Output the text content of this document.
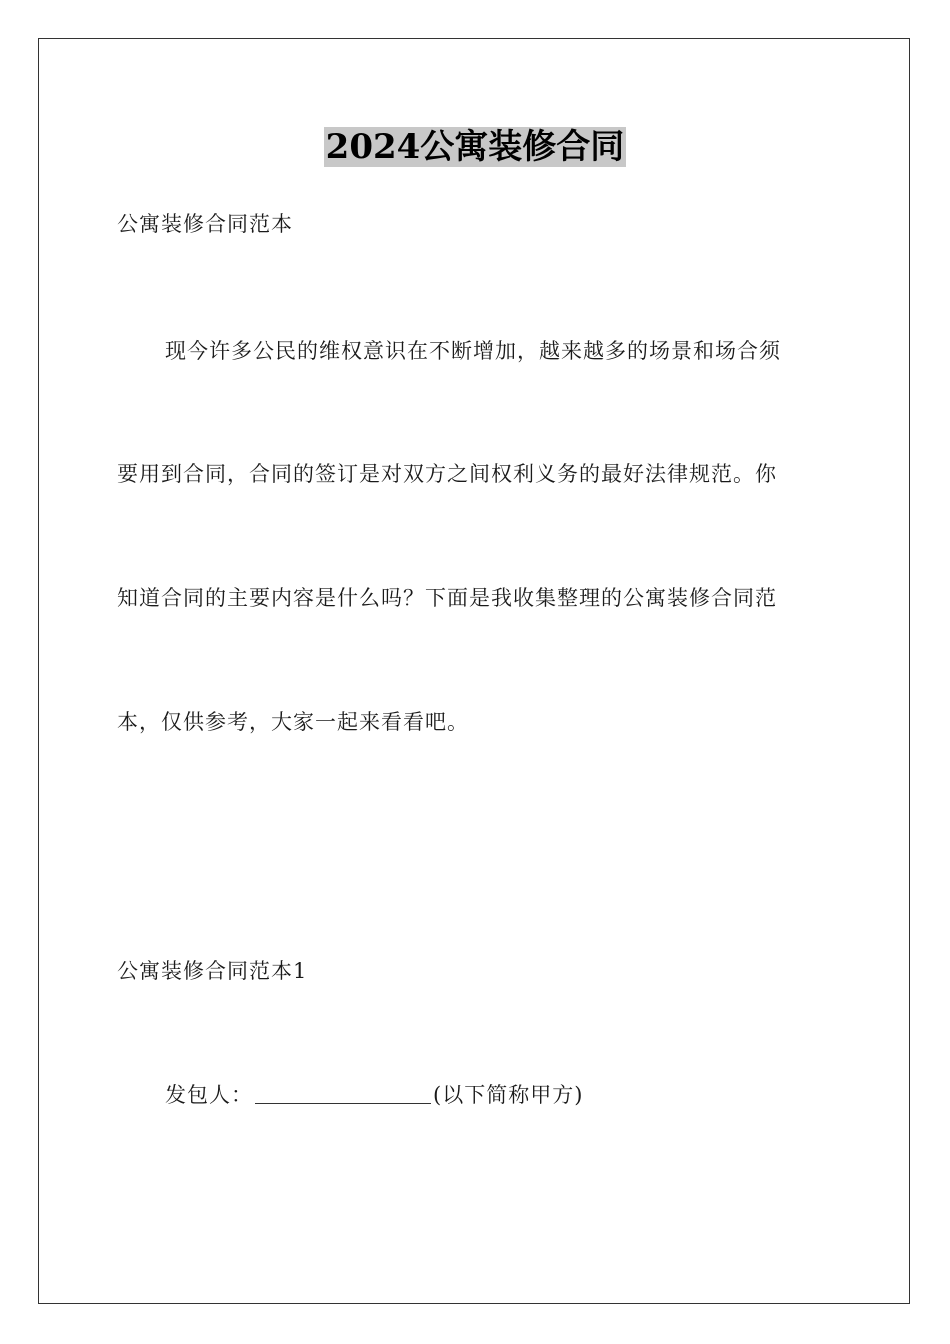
2024公寓装修合同
公寓装修合同范本
现今许多公民的维权意识在不断增加，越来越多的场景和场合须
要用到合同，合同的签订是对双方之间权利义务的最好法律规范。你
知道合同的主要内容是什么吗？下面是我收集整理的公寓装修合同范
本，仅供参考，大家一起来看看吧。
公寓装修合同范本1
发包人：	(以下简称甲方)
